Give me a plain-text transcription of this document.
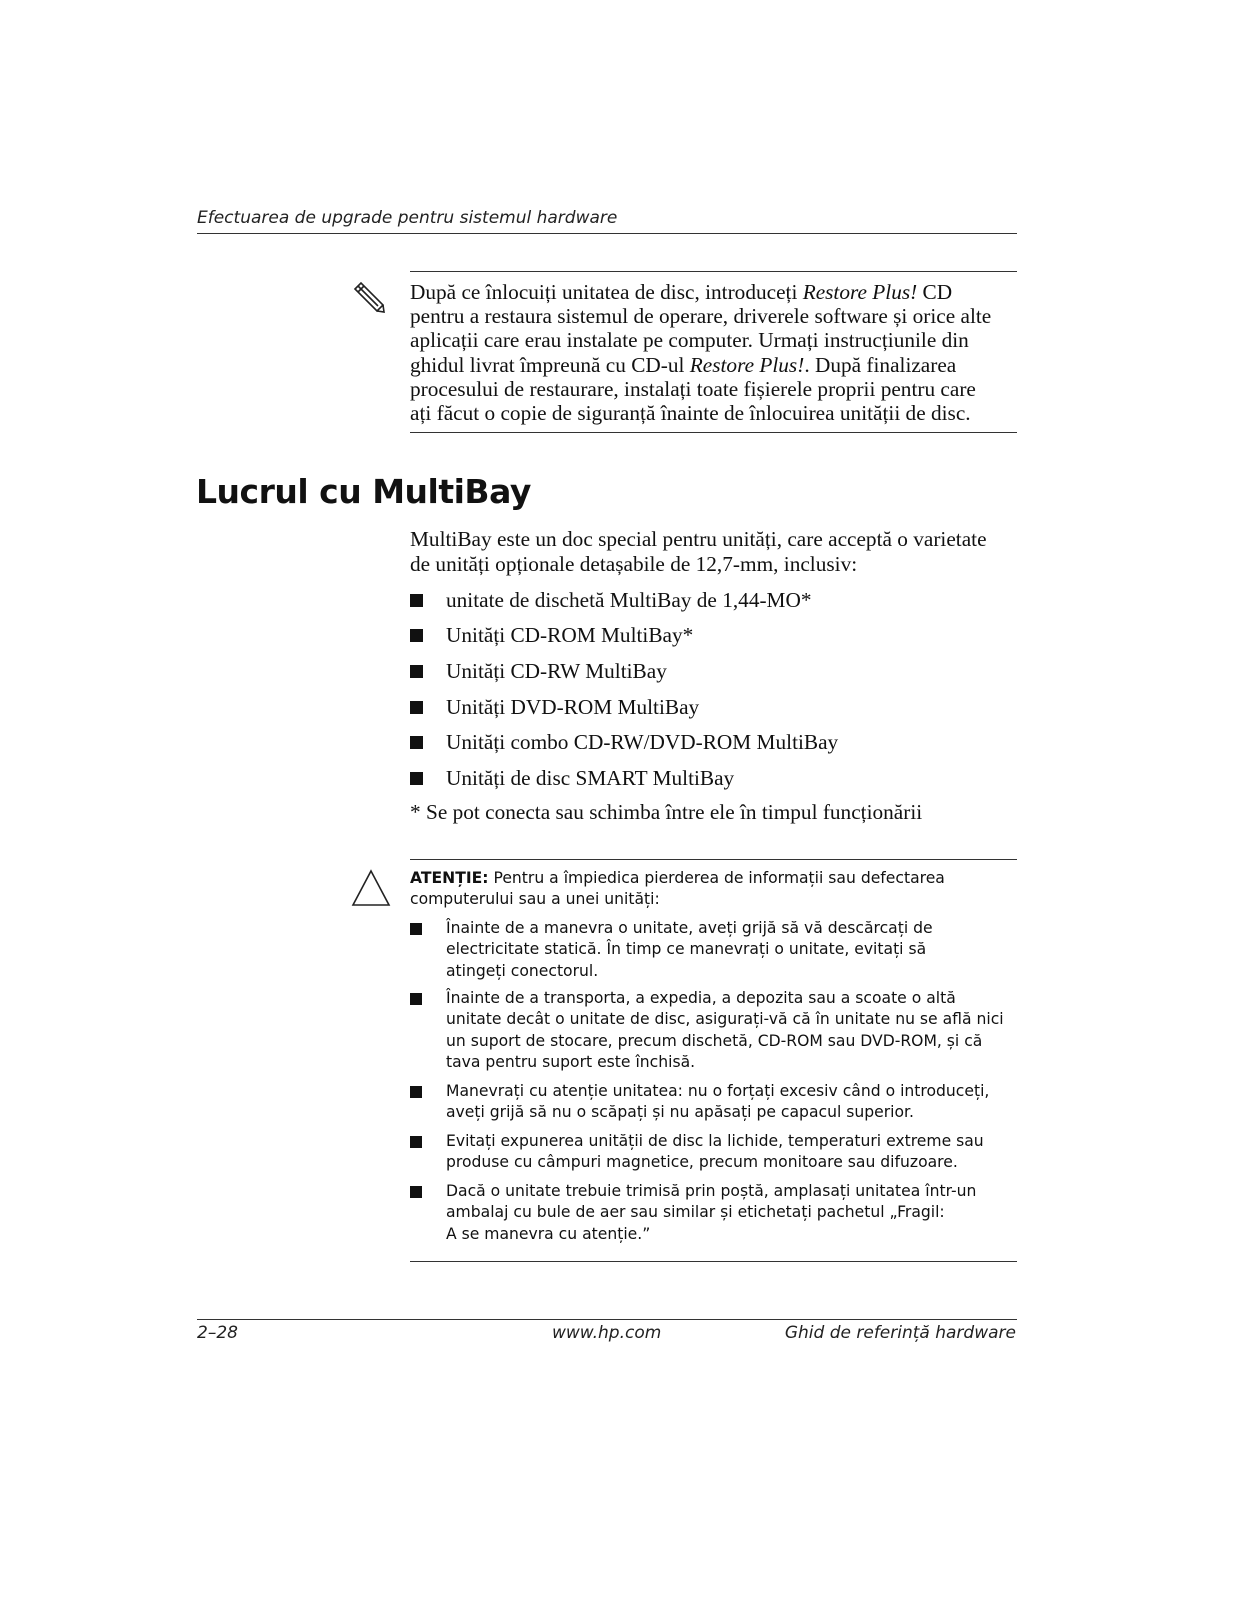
Efectuarea de upgrade pentru sistemul hardware
După ce înlocuiți unitatea de disc, introduceți Restore Plus! CD
pentru a restaura sistemul de operare, driverele software și orice alte
aplicații care erau instalate pe computer. Urmați instrucțiunile din
ghidul livrat împreună cu CD-ul Restore Plus!. După finalizarea
procesului de restaurare, instalați toate fișierele proprii pentru care
ați făcut o copie de siguranță înainte de înlocuirea unității de disc.
Lucrul cu MultiBay
MultiBay este un doc special pentru unități, care acceptă o varietate
de unități opționale detașabile de 12,7-mm, inclusiv:
unitate de dischetă MultiBay de 1,44-MO*
Unități CD-ROM MultiBay*
Unități CD-RW MultiBay
Unități DVD-ROM MultiBay
Unități combo CD-RW/DVD-ROM MultiBay
Unități de disc SMART MultiBay
* Se pot conecta sau schimba între ele în timpul funcționării
ATENȚIE: Pentru a împiedica pierderea de informații sau defectarea
computerului sau a unei unități:
Înainte de a manevra o unitate, aveți grijă să vă descărcați de
electricitate statică. În timp ce manevrați o unitate, evitați să
atingeți conectorul.
Înainte de a transporta, a expedia, a depozita sau a scoate o altă
unitate decât o unitate de disc, asigurați-vă că în unitate nu se află nici
un suport de stocare, precum dischetă, CD-ROM sau DVD-ROM, și că
tava pentru suport este închisă.
Manevrați cu atenție unitatea: nu o forțați excesiv când o introduceți,
aveți grijă să nu o scăpați și nu apăsați pe capacul superior.
Evitați expunerea unității de disc la lichide, temperaturi extreme sau
produse cu câmpuri magnetice, precum monitoare sau difuzoare.
Dacă o unitate trebuie trimisă prin poștă, amplasați unitatea într-un
ambalaj cu bule de aer sau similar și etichetați pachetul „Fragil:
A se manevra cu atenție.”
2–28	www.hp.com	Ghid de referință hardware
